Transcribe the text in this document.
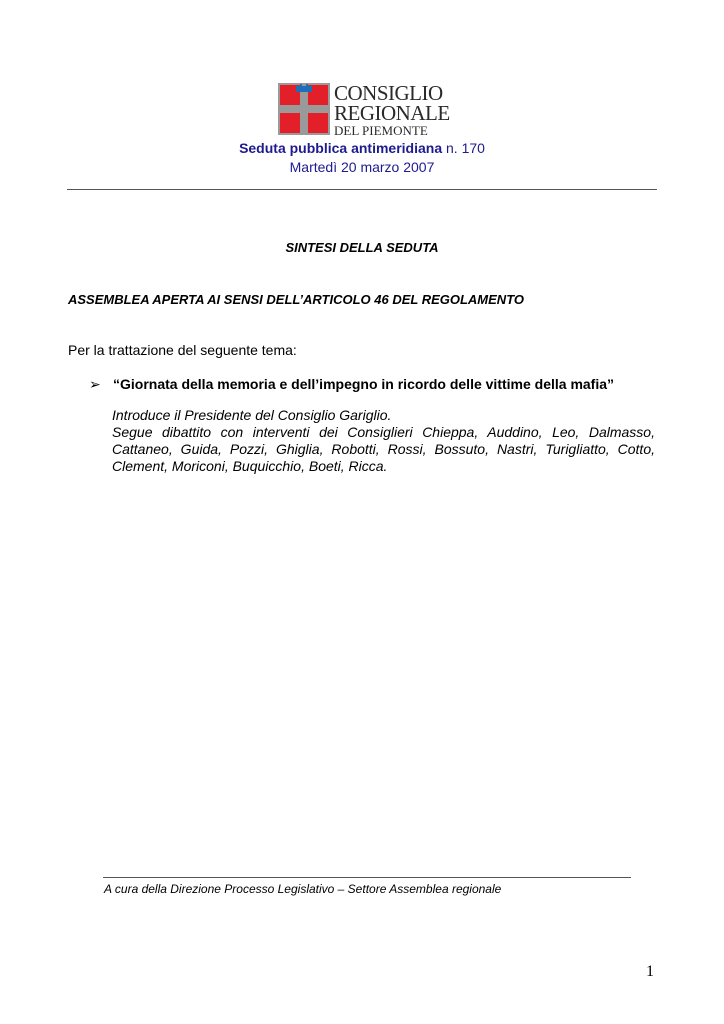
CONSIGLIO
REGIONALE
DEL PIEMONTE
Seduta pubblica antimeridiana n. 170
Martedì 20 marzo 2007
SINTESI DELLA SEDUTA
ASSEMBLEA APERTA AI SENSI DELL’ARTICOLO 46 DEL REGOLAMENTO
Per la trattazione del seguente tema:
➢ “Giornata della memoria e dell’impegno in ricordo delle vittime della mafia”

Introduce il Presidente del Consiglio Gariglio.

Segue dibattito con interventi dei Consiglieri Chieppa, Auddino, Leo, Dalmasso, Cattaneo, Guida, Pozzi, Ghiglia, Robotti, Rossi, Bossuto, Nastri, Turigliatto, Cotto, Clement, Moriconi, Buquicchio, Boeti, Ricca.

A cura della Direzione Processo Legislativo – Settore Assemblea regionale
1
